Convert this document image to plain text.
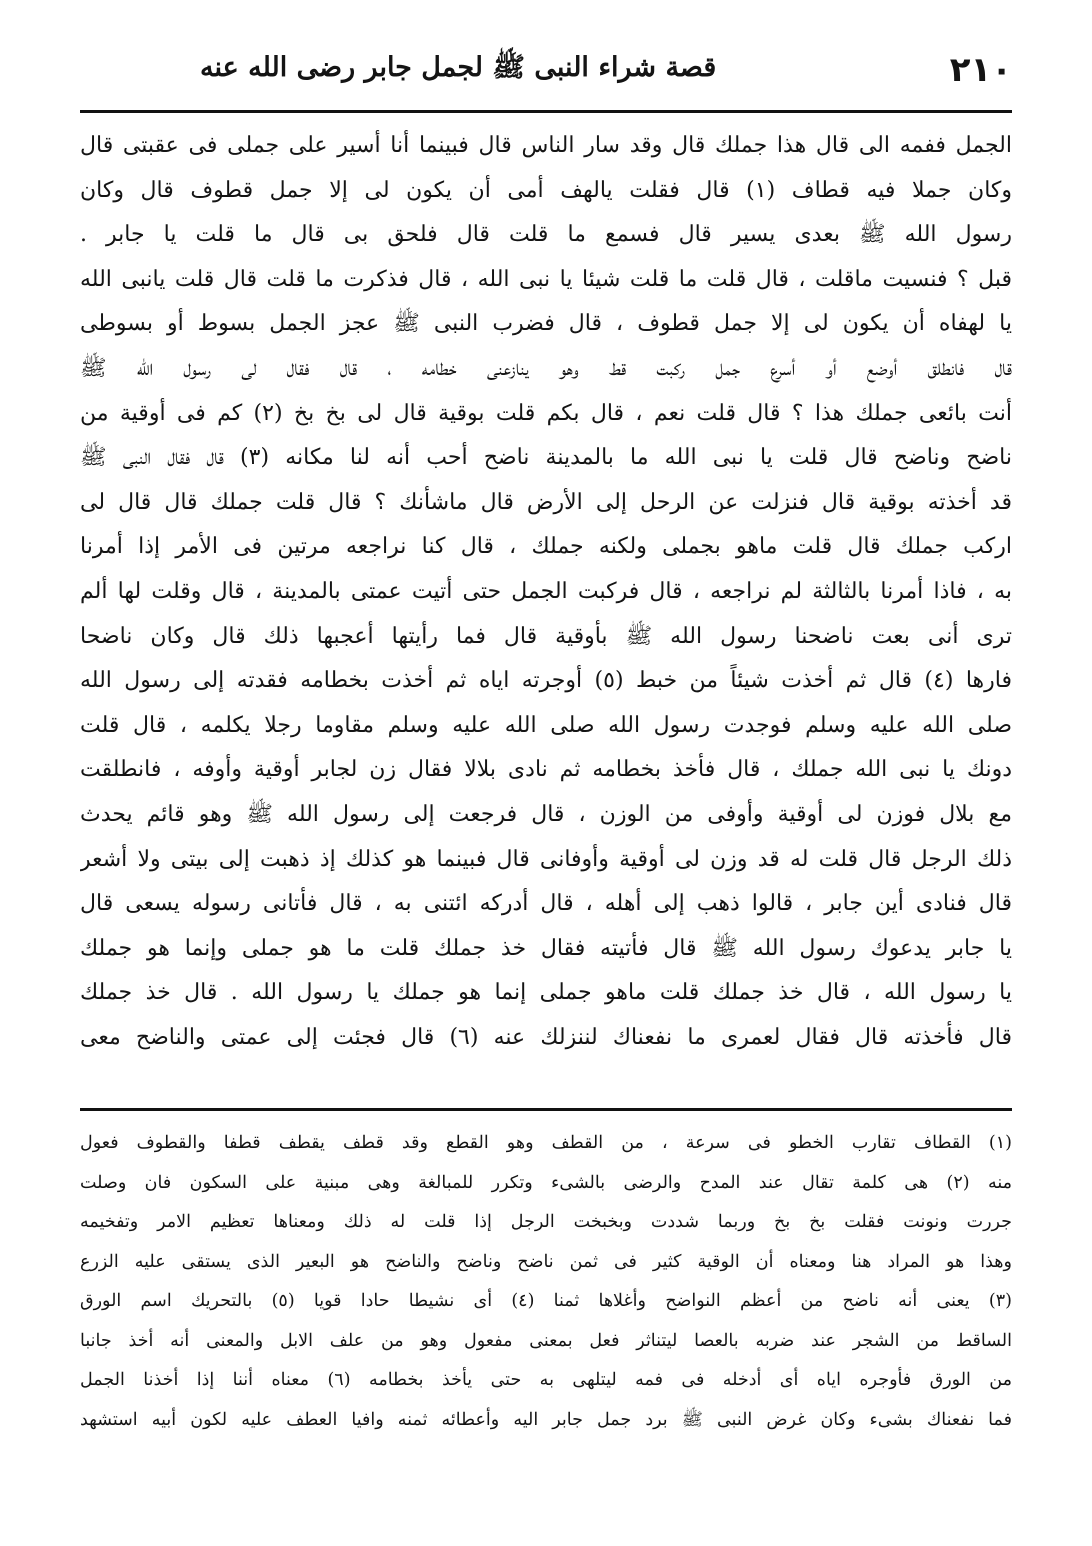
٢١٠
قصة شراء النبى ﷺ لجمل جابر رضى الله عنه
الجمل ففمه الى قال هذا جملك قال وقد سار الناس قال فبينما أنا أسير على جملى فى عقبتى قال
وكان جملا فيه قطاف (١) قال فقلت يالهف أمى أن يكون لى إلا جمل قطوف قال وكان
رسول الله ﷺ بعدى يسير قال فسمع ما قلت قال فلحق بى قال ما قلت يا جابر .
قبل ؟ فنسيت ماقلت ، قال قلت ما قلت شيئا يا نبى الله ، قال فذكرت ما قلت قال قلت يانبى الله
يا لهفاه أن يكون لى إلا جمل قطوف ، قال فضرب النبى ﷺ عجز الجمل بسوط أو بسوطى
قال فانطلق أوضع أو أسرع جمل ركبت قط وهو ينازعنى خطامه ، قال فقال لى رسول الله ﷺ
أنت بائعى جملك هذا ؟ قال قلت نعم ، قال بكم قلت بوقية قال لى بخ بخ (٢) كم فى أوقية من
ناضح وناضح قال قلت يا نبى الله ما بالمدينة ناضح أحب أنه لنا مكانه (٣) قال فقال النبى ﷺ
قد أخذته بوقية قال فنزلت عن الرحل إلى الأرض قال ماشأنك ؟ قال قلت جملك قال قال لى
اركب جملك قال قلت ماهو بجملى ولكنه جملك ، قال كنا نراجعه مرتين فى الأمر إذا أمرنا
به ، فاذا أمرنا بالثالثة لم نراجعه ، قال فركبت الجمل حتى أتيت عمتى بالمدينة ، قال وقلت لها ألم
ترى أنى بعت ناضحنا رسول الله ﷺ بأوقية قال فما رأيتها أعجبها ذلك قال وكان ناضحا
فارها (٤) قال ثم أخذت شيئاً من خبط (٥) أوجرته اياه ثم أخذت بخطامه فقدته إلى رسول الله
صلى الله عليه وسلم فوجدت رسول الله صلى الله عليه وسلم مقاوما رجلا يكلمه ، قال قلت
دونك يا نبى الله جملك ، قال فأخذ بخطامه ثم نادى بلالا فقال زن لجابر أوقية وأوفه ، فانطلقت
مع بلال فوزن لى أوقية وأوفى من الوزن ، قال فرجعت إلى رسول الله ﷺ وهو قائم يحدث
ذلك الرجل قال قلت له قد وزن لى أوقية وأوفانى قال فبينما هو كذلك إذ ذهبت إلى بيتى ولا أشعر
قال فنادى أين جابر ، قالوا ذهب إلى أهله ، قال أدركه ائتنى به ، قال فأتانى رسوله يسعى قال
يا جابر يدعوك رسول الله ﷺ قال فأتيته فقال خذ جملك قلت ما هو جملى وإنما هو جملك
يا رسول الله ، قال خذ جملك قلت ماهو جملى إنما هو جملك يا رسول الله . قال خذ جملك
قال فأخذته قال فقال لعمرى ما نفعناك لننزلك عنه (٦) قال فجئت إلى عمتى والناضح معى
(١) القطاف تقارب الخطو فى سرعة ، من القطف وهو القطع وقد قطف يقطف قطفا والقطوف فعول
منه (٢) هى كلمة تقال عند المدح والرضى بالشىء وتكرر للمبالغة وهى مبنية على السكون فان وصلت
جررت ونونت فقلت بخ بخ وربما شددت وبخبخت الرجل إذا قلت له ذلك ومعناها تعظيم الامر وتفخيمه
وهذا هو المراد هنا ومعناه أن الوقية كثير فى ثمن ناضح وناضح والناضح هو البعير الذى يستقى عليه الزرع
(٣) يعنى أنه ناضح من أعظم النواضح وأغلاها ثمنا (٤) أى نشيطا حادا قويا (٥) بالتحريك اسم الورق
الساقط من الشجر عند ضربه بالعصا ليتناثر فعل بمعنى مفعول وهو من علف الابل والمعنى أنه أخذ جانبا
من الورق فأوجره اياه أى أدخله فى فمه ليتلهى به حتى يأخذ بخطامه (٦) معناه أننا إذا أخذنا الجمل
فما نفعناك بشىء وكان غرض النبى ﷺ برد جمل جابر اليه وأعطائه ثمنه وافيا العطف عليه لكون أبيه استشهد
